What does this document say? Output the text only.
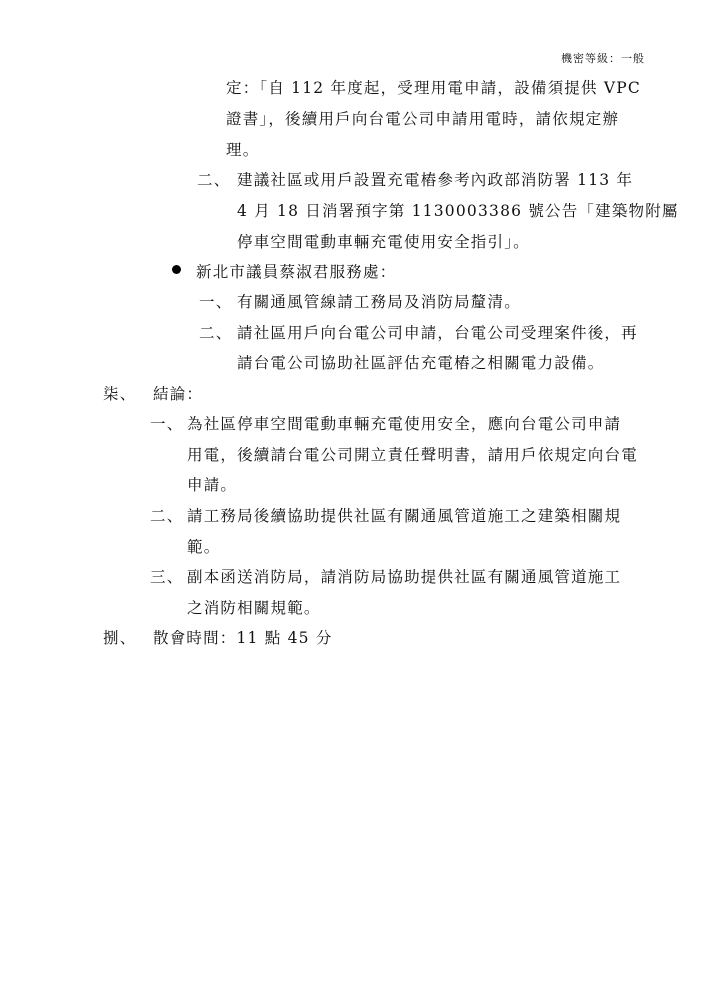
機密等級：一般
定：「自 112 年度起，受理用電申請，設備須提供 VPC
證書」，後續用戶向台電公司申請用電時，請依規定辦
理。
二、 建議社區或用戶設置充電樁參考內政部消防署 113 年
4 月 18 日消署預字第 1130003386 號公告「建築物附屬
停車空間電動車輛充電使用安全指引」。
新北市議員蔡淑君服務處：
一、 有關通風管線請工務局及消防局釐清。
二、 請社區用戶向台電公司申請，台電公司受理案件後，再
請台電公司協助社區評估充電樁之相關電力設備。
柒、 結論：
一、 為社區停車空間電動車輛充電使用安全，應向台電公司申請
用電，後續請台電公司開立責任聲明書，請用戶依規定向台電
申請。
二、 請工務局後續協助提供社區有關通風管道施工之建築相關規
範。
三、 副本函送消防局，請消防局協助提供社區有關通風管道施工
之消防相關規範。
捌、 散會時間：11 點 45 分
